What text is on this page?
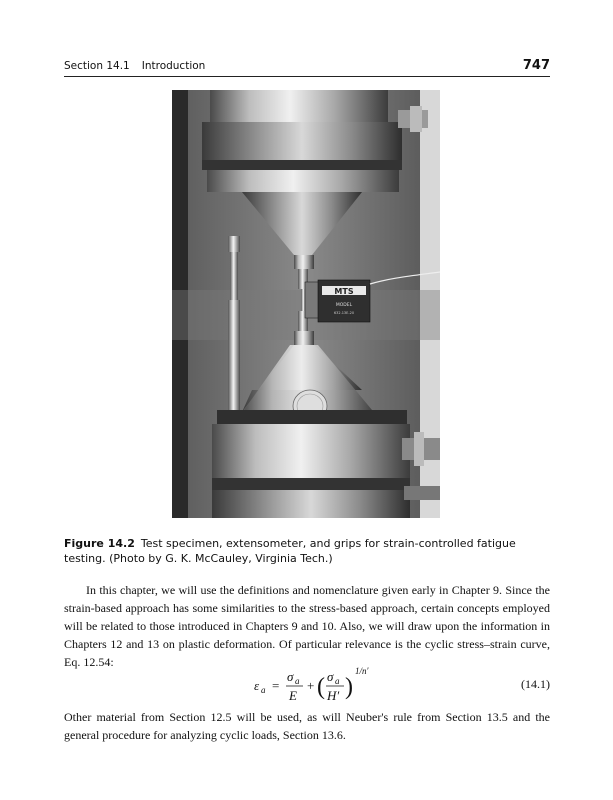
Section 14.1 Introduction	747
MTS
MODEL
632.13E-20
Figure 14.2 Test specimen, extensometer, and grips for strain-controlled fatigue testing. (Photo by G. K. McCauley, Virginia Tech.)

In this chapter, we will use the definitions and nomenclature given early in Chapter 9. Since the strain-based approach has some similarities to the stress-based approach, certain concepts employed will be related to those introduced in Chapters 9 and 10. Also, we will draw upon the information in Chapters 12 and 13 on plastic deformation. Of particular relevance is the cyclic stress–strain curve, Eq. 12.54:

ε a =
σ a
E
+ ( σ a
H′ )
1/n′
(14.1)

Other material from Section 12.5 will be used, as will Neuber's rule from Section 13.5 and the general procedure for analyzing cyclic loads, Section 13.6.
